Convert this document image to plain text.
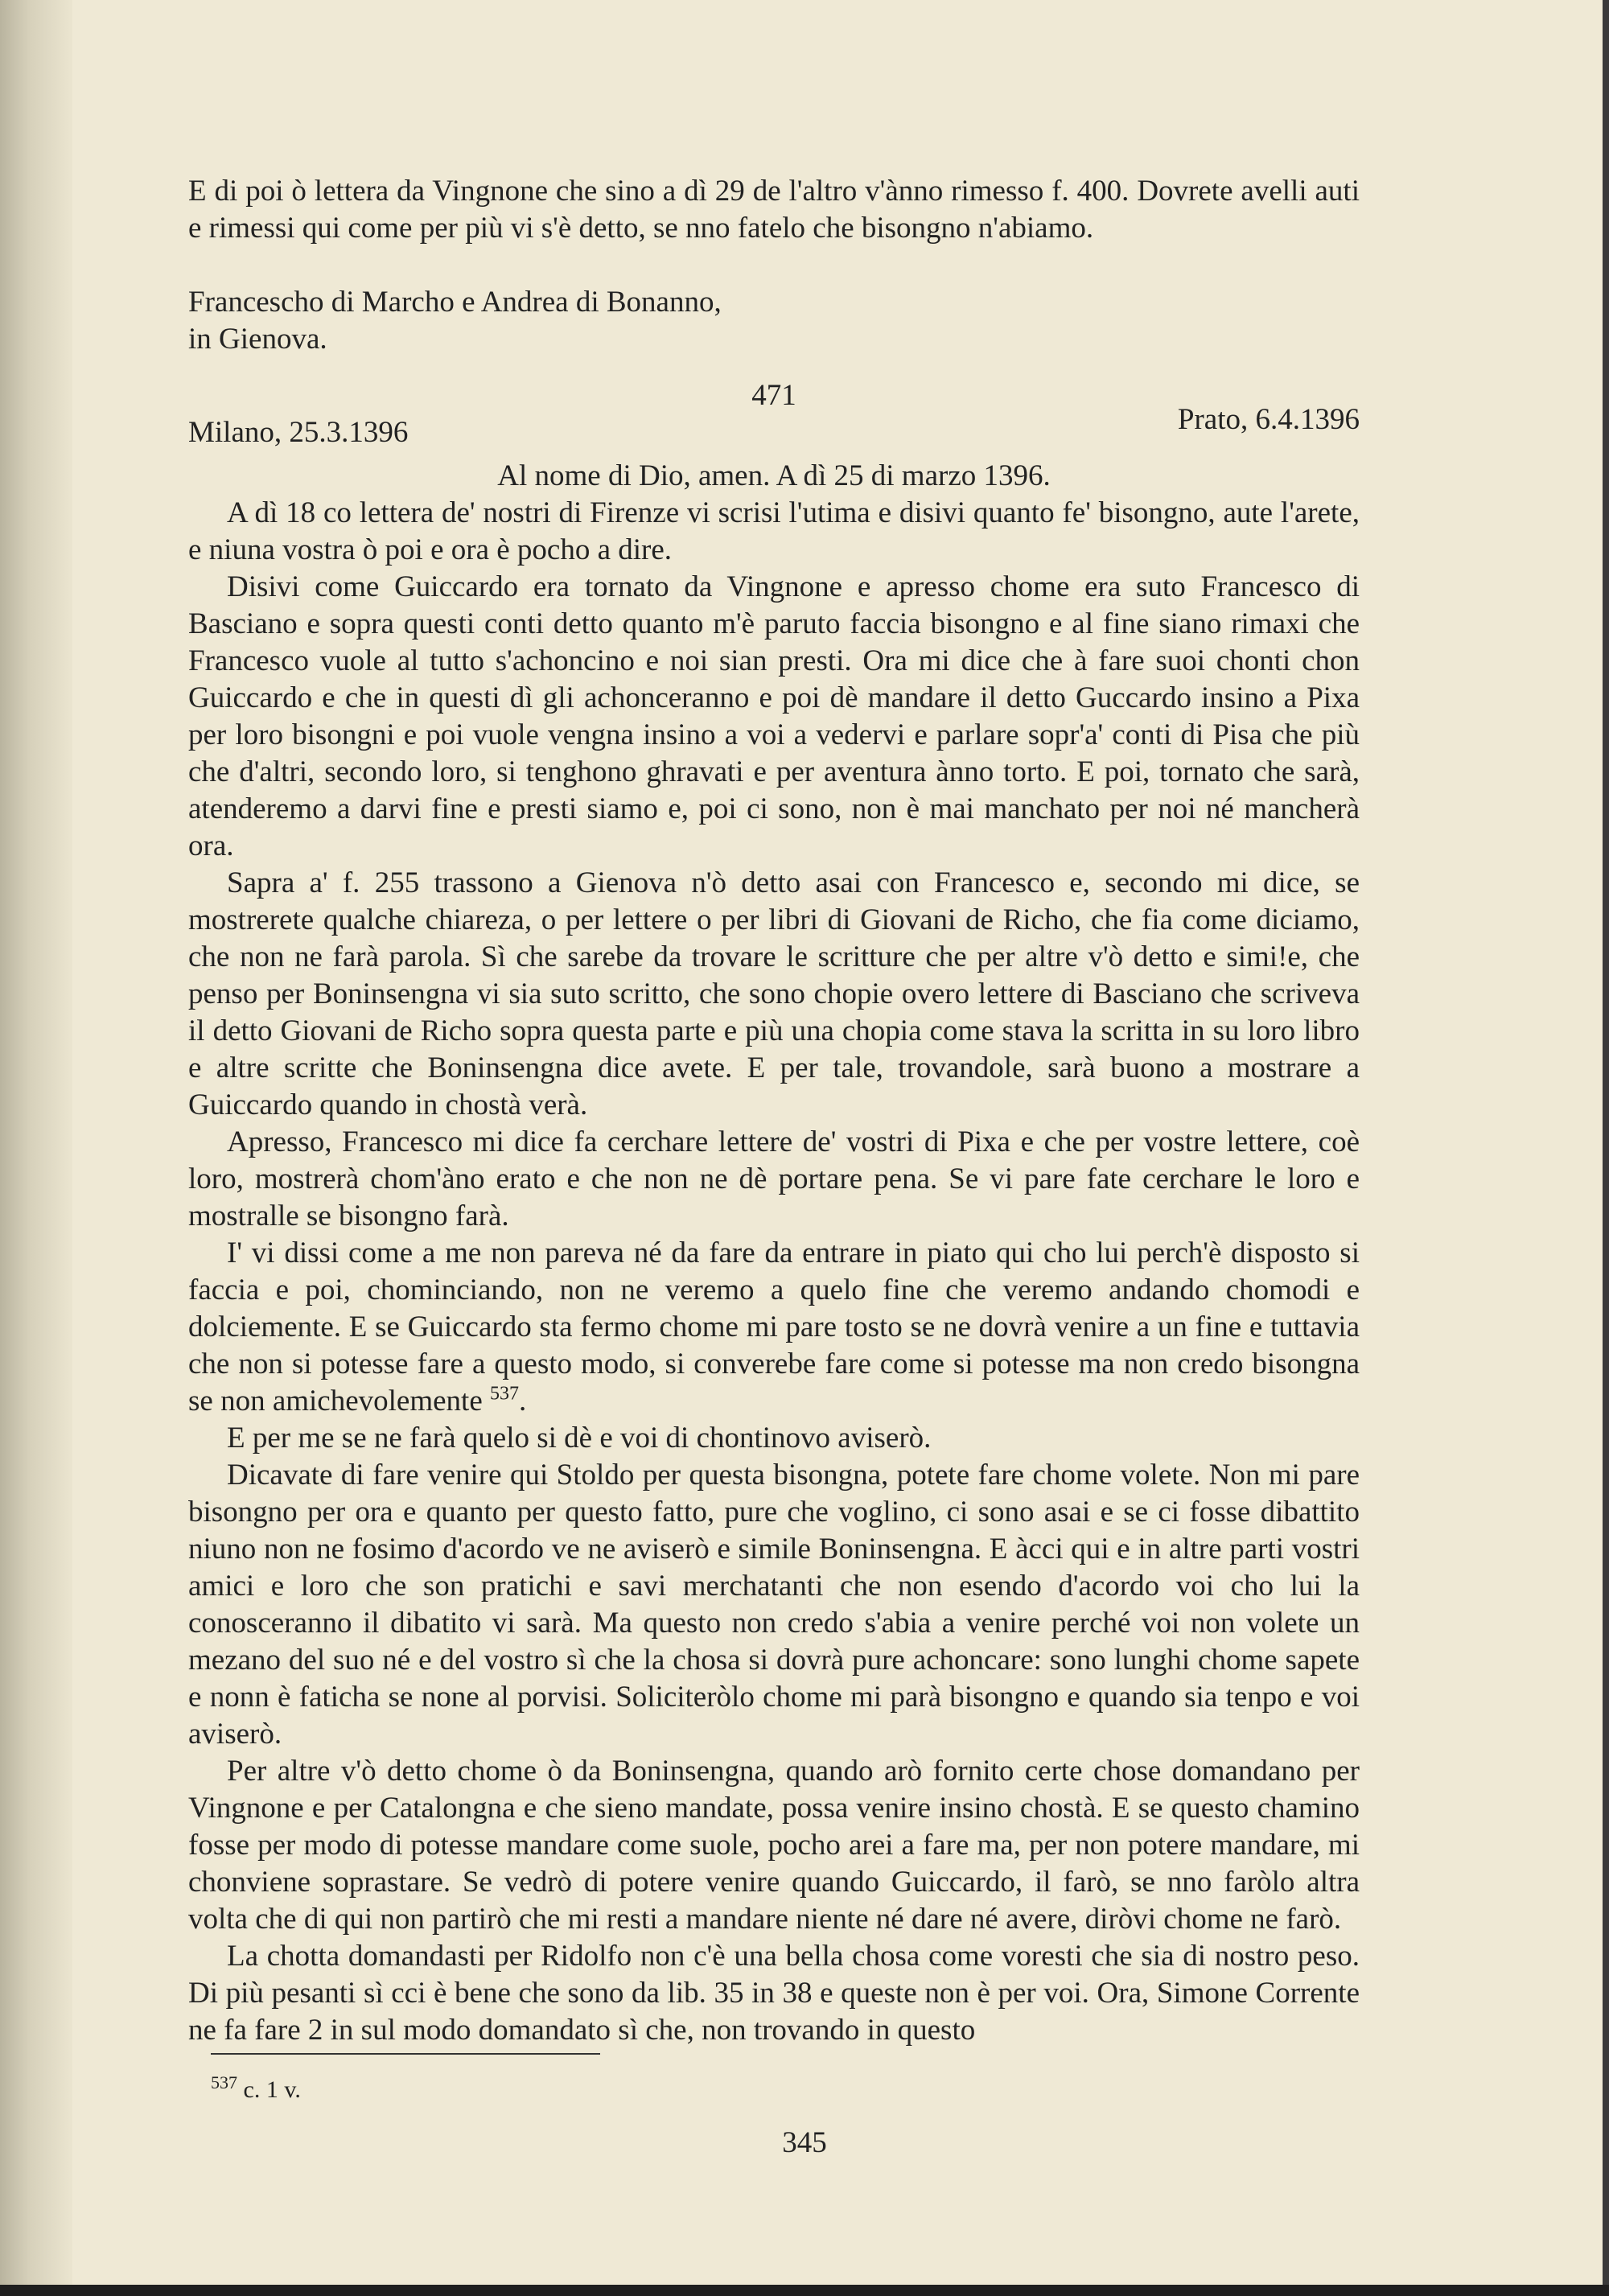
E di poi ò lettera da Vingnone che sino a dì 29 de l'altro v'ànno rimesso f. 400. Dovrete avelli auti e rimessi qui come per più vi s'è detto, se nno fatelo che bisongno n'abiamo.

Francescho di Marcho e Andrea di Bonanno,

in Gienova.

471
Milano, 25.3.1396	Prato, 6.4.1396

Al nome di Dio, amen. A dì 25 di marzo 1396.

A dì 18 co lettera de' nostri di Firenze vi scrisi l'utima e disivi quanto fe' bisongno, aute l'arete, e niuna vostra ò poi e ora è pocho a dire.

Disivi come Guiccardo era tornato da Vingnone e apresso chome era suto Francesco di Basciano e sopra questi conti detto quanto m'è paruto faccia bisongno e al fine siano rimaxi che Francesco vuole al tutto s'achoncino e noi sian presti. Ora mi dice che à fare suoi chonti chon Guiccardo e che in questi dì gli achonceranno e poi dè mandare il detto Guccardo insino a Pixa per loro bisongni e poi vuole vengna insino a voi a vedervi e parlare sopr'a' conti di Pisa che più che d'altri, secondo loro, si tenghono ghravati e per aventura ànno torto. E poi, tornato che sarà, atenderemo a darvi fine e presti siamo e, poi ci sono, non è mai manchato per noi né mancherà ora.

Sapra a' f. 255 trassono a Gienova n'ò detto asai con Francesco e, secondo mi dice, se mostrerete qualche chiareza, o per lettere o per libri di Giovani de Richo, che fia come diciamo, che non ne farà parola. Sì che sarebe da trovare le scritture che per altre v'ò detto e simi!e, che penso per Boninsengna vi sia suto scritto, che sono chopie overo lettere di Basciano che scriveva il detto Giovani de Richo sopra questa parte e più una chopia come stava la scritta in su loro libro e altre scritte che Boninsengna dice avete. E per tale, trovandole, sarà buono a mostrare a Guiccardo quando in chostà verà.

Apresso, Francesco mi dice fa cerchare lettere de' vostri di Pixa e che per vostre lettere, coè loro, mostrerà chom'àno erato e che non ne dè portare pena. Se vi pare fate cerchare le loro e mostralle se bisongno farà.

I' vi dissi come a me non pareva né da fare da entrare in piato qui cho lui perch'è disposto si faccia e poi, chominciando, non ne veremo a quelo fine che veremo andando chomodi e dolciemente. E se Guiccardo sta fermo chome mi pare tosto se ne dovrà venire a un fine e tuttavia che non si potesse fare a questo modo, si converebe fare come si potesse ma non credo bisongna se non amichevolemente $^{537}$.

E per me se ne farà quelo si dè e voi di chontinovo aviserò.

Dicavate di fare venire qui Stoldo per questa bisongna, potete fare chome volete. Non mi pare bisongno per ora e quanto per questo fatto, pure che voglino, ci sono asai e se ci fosse dibattito niuno non ne fosimo d'acordo ve ne aviserò e simile Boninsengna. E àcci qui e in altre parti vostri amici e loro che son pratichi e savi merchatanti che non esendo d'acordo voi cho lui la conosceranno il dibatito vi sarà. Ma questo non credo s'abia a venire perché voi non volete un mezano del suo né e del vostro sì che la chosa si dovrà pure achoncare: sono lunghi chome sapete e nonn è faticha se none al porvisi. Soliciteròlo chome mi parà bisongno e quando sia tenpo e voi aviserò.

Per altre v'ò detto chome ò da Boninsengna, quando arò fornito certe chose domandano per Vingnone e per Catalongna e che sieno mandate, possa venire insino chostà. E se questo chamino fosse per modo di potesse mandare come suole, pocho arei a fare ma, per non potere mandare, mi chonviene soprastare. Se vedrò di potere venire quando Guiccardo, il farò, se nno faròlo altra volta che di qui non partirò che mi resti a mandare niente né dare né avere, diròvi chome ne farò.

La chotta domandasti per Ridolfo non c'è una bella chosa come voresti che sia di nostro peso. Di più pesanti sì cci è bene che sono da lib. 35 in 38 e queste non è per voi. Ora, Simone Corrente ne fa fare 2 in sul modo domandato sì che, non trovando in questo

$^{537}$ c. 1 v.
345
